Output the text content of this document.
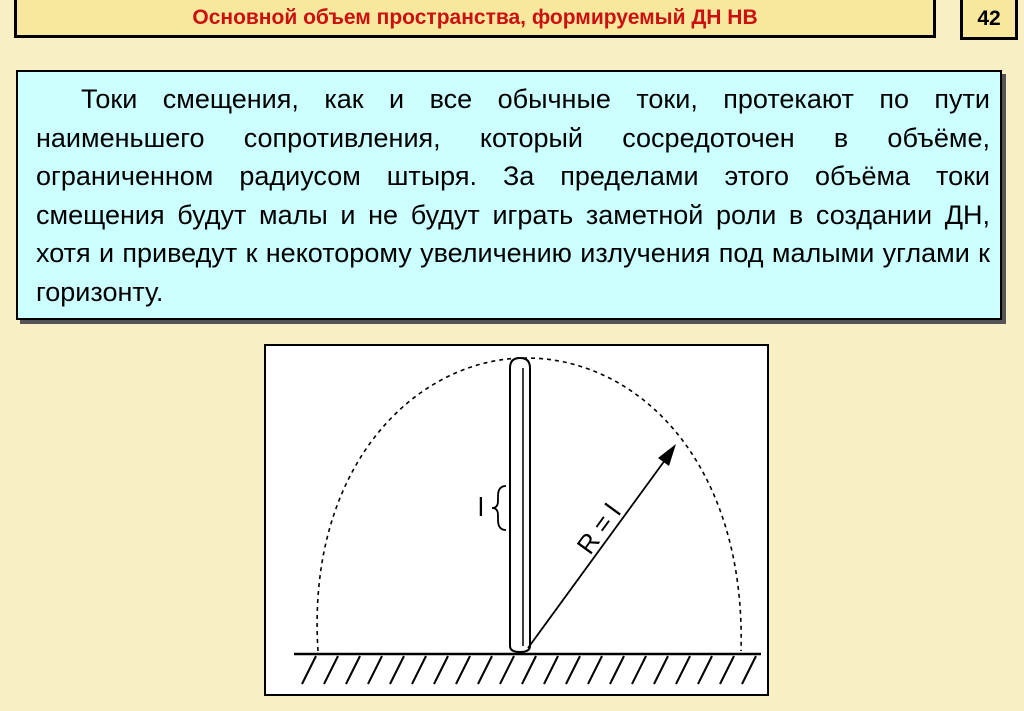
Основной объем пространства, формируемый ДН НВ	42
Токи смещения, как и все обычные токи, протекают по пути наименьшего сопротивления, который сосредоточен в объёме, ограниченном радиусом штыря. За пределами этого объёма токи смещения будут малы и не будут играть заметной роли в создании ДН, хотя и приведут к некоторому увеличению излучения под малыми углами к горизонту.
l	R = l
